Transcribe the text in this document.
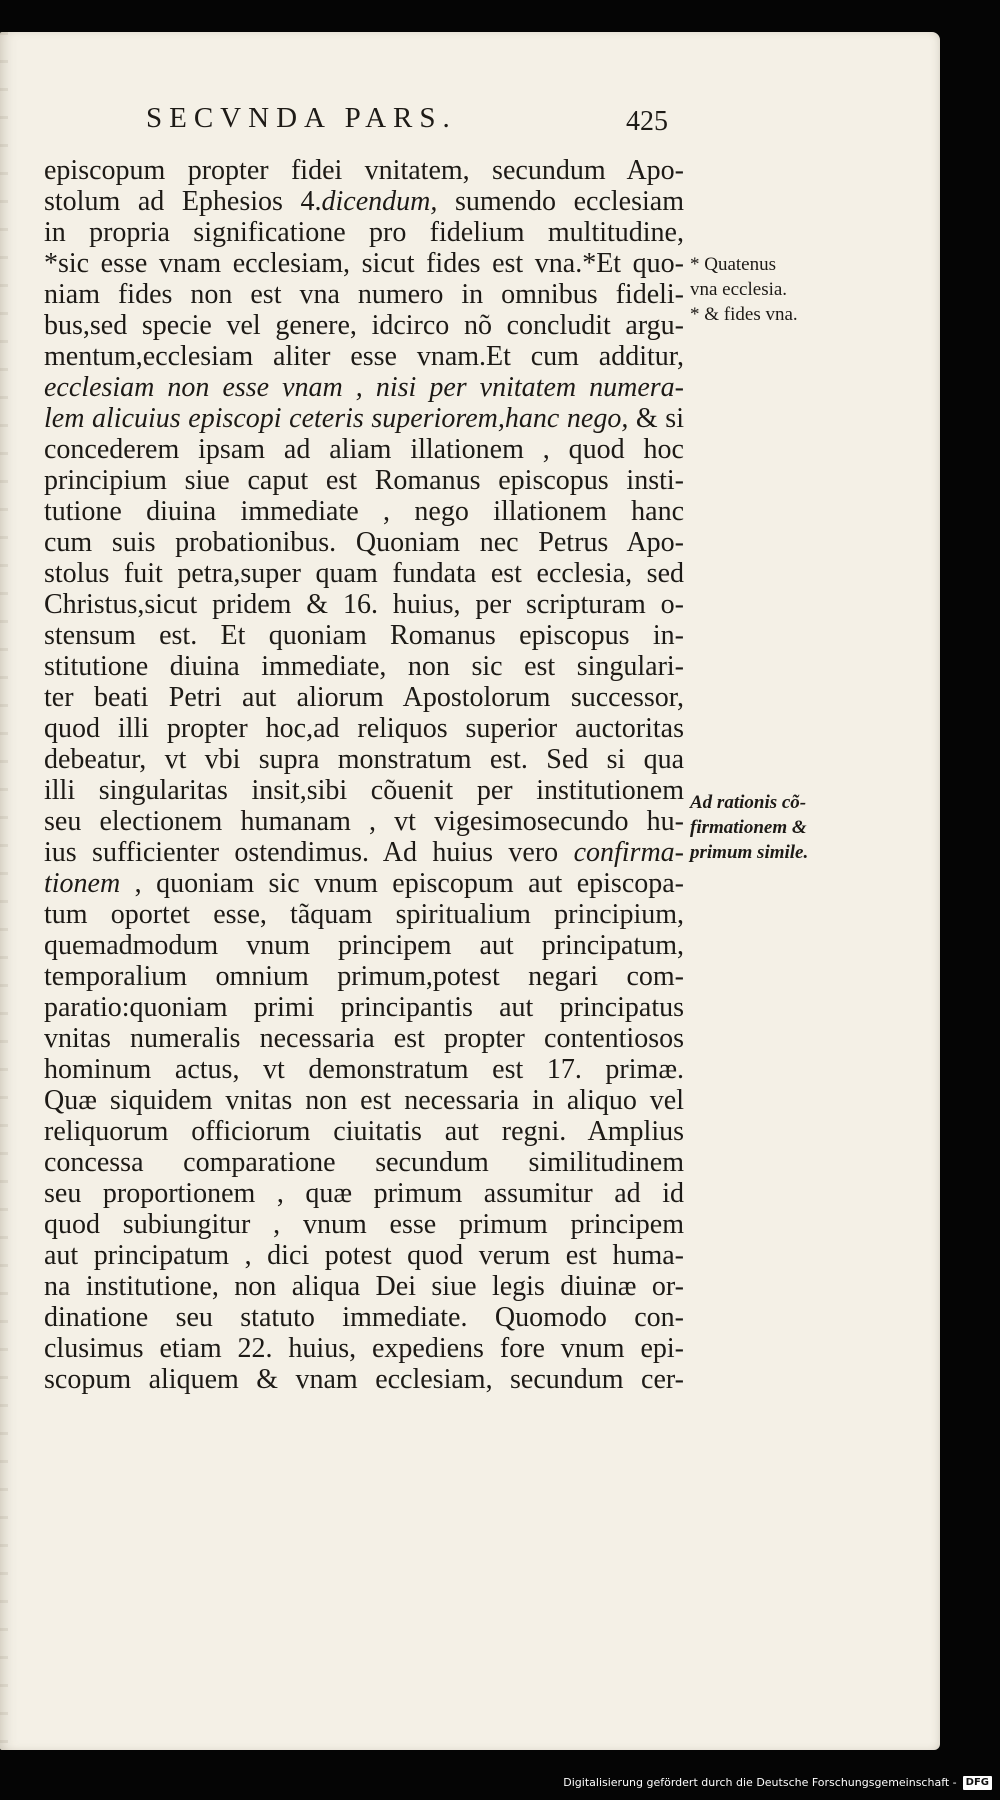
SECVNDA PARS.	425
episcopum propter fidei vnitatem, secundum Apo-
stolum ad Ephesios 4.dicendum, sumendo ecclesiam
in propria significatione pro fidelium multitudine,
*sic esse vnam ecclesiam, sicut fides est vna.*Et quo-
niam fides non est vna numero in omnibus fideli-
bus,sed specie vel genere, idcirco nõ concludit argu-
mentum,ecclesiam aliter esse vnam.Et cum additur,
ecclesiam non esse vnam , nisi per vnitatem numera-
lem alicuius episcopi ceteris superiorem,hanc nego, & si
concederem ipsam ad aliam illationem , quod hoc
principium siue caput est Romanus episcopus insti-
tutione diuina immediate , nego illationem hanc
cum suis probationibus. Quoniam nec Petrus Apo-
stolus fuit petra,super quam fundata est ecclesia, sed
Christus,sicut pridem & 16. huius, per scripturam o-
stensum est. Et quoniam Romanus episcopus in-
stitutione diuina immediate, non sic est singulari-
ter beati Petri aut aliorum Apostolorum successor,
quod illi propter hoc,ad reliquos superior auctoritas
debeatur, vt vbi supra monstratum est. Sed si qua
illi singularitas insit,sibi cõuenit per institutionem
seu electionem humanam , vt vigesimosecundo hu-
ius sufficienter ostendimus. Ad huius vero confirma-
tionem , quoniam sic vnum episcopum aut episcopa-
tum oportet esse, tãquam spiritualium principium,
quemadmodum vnum principem aut principatum,
temporalium omnium primum,potest negari com-
paratio:quoniam primi principantis aut principatus
vnitas numeralis necessaria est propter contentiosos
hominum actus, vt demonstratum est 17. primæ.
Quæ siquidem vnitas non est necessaria in aliquo vel
reliquorum officiorum ciuitatis aut regni. Amplius
concessa comparatione secundum similitudinem
seu proportionem , quæ primum assumitur ad id
quod subiungitur , vnum esse primum principem
aut principatum , dici potest quod verum est huma-
na institutione, non aliqua Dei siue legis diuinæ or-
dinatione seu statuto immediate. Quomodo con-
clusimus etiam 22. huius, expediens fore vnum epi-
scopum aliquem & vnam ecclesiam, secundum cer-
* Quatenus
vna ecclesia.
* & fides vna.
Ad rationis cõ-
firmationem &
primum simile.
Digitalisierung gefördert durch die Deutsche Forschungsgemeinschaft - DFG
